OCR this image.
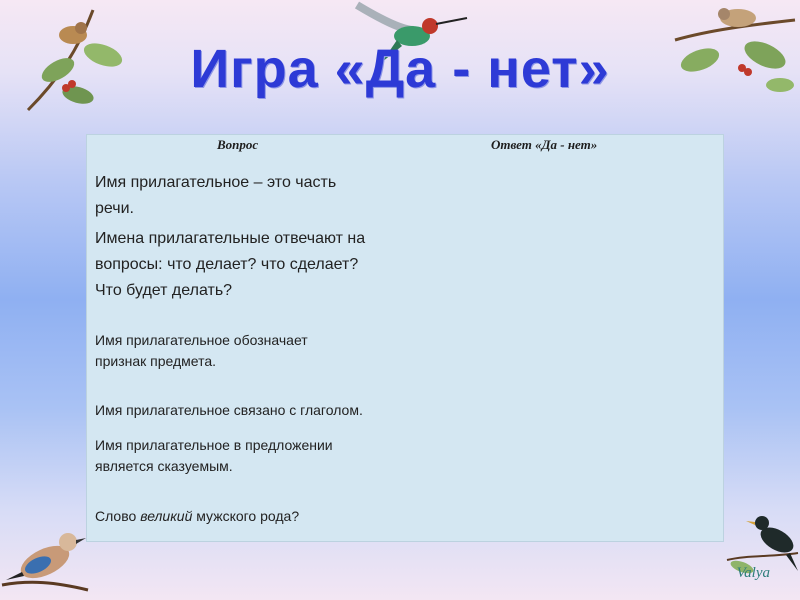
Игра «Да - нет»
Вопрос	Ответ «Да - нет»
Имя прилагательное – это часть
речи.
Имена прилагательные отвечают на
вопросы: что делает? что сделает?
Что будет делать?
Имя прилагательное обозначает
признак предмета.
Имя прилагательное связано с глаголом.
Имя прилагательное в предложении
является сказуемым.
Слово великий мужского рода?
Valya
